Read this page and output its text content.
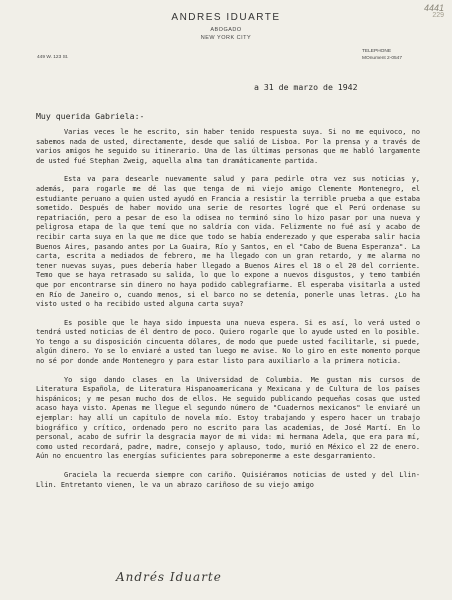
ANDRES IDUARTE
ABOGADO
NEW YORK CITY
449 W. 123 St.
TELEPHONE
MOnument 2-0547
4441
229
a 31 de marzo de 1942
Muy querida Gabriela:-

Varias veces le he escrito, sin haber tenido respuesta suya. Si no me equivoco, no sabemos nada de usted, directamente, desde que salió de Lisboa. Por la prensa y a través de varios amigos he seguido su itinerario. Una de las últimas personas que me habló largamente de usted fué Stephan Zweig, aquella alma tan dramáticamente partida.

Esta va para desearle nuevamente salud y para pedirle otra vez sus noticias y, además, para rogarle me dé las que tenga de mi viejo amigo Clemente Montenegro, el estudiante peruano a quien usted ayudó en Francia a resistir la terrible prueba a que estaba sometido. Después de haber movido una serie de resortes logré que el Perú ordenase su repatriación, pero a pesar de eso la odisea no terminó sino lo hizo pasar por una nueva y peligrosa etapa de la que temí que no saldría con vida. Felizmente no fué así y acabo de recibir carta suya en la que me dice que todo se había enderezado y que esperaba salir hacia Buenos Aires, pasando antes por La Guaira, Río y Santos, en el "Cabo de Buena Esperanza". La carta, escrita a mediados de febrero, me ha llegado con un gran retardo, y me alarma no tener nuevas suyas, pues debería haber llegado a Buenos Aires el 18 o el 20 del corriente. Temo que se haya retrasado su salida, lo que lo expone a nuevos disgustos, y temo también que por encontrarse sin dinero no haya podido cablegrafiarme. El esperaba visitarla a usted en Río de Janeiro o, cuando menos, si el barco no se detenía, ponerle unas letras. ¿Lo ha visto usted o ha recibido usted alguna carta suya?

Es posible que le haya sido impuesta una nueva espera. Si es así, lo verá usted o tendrá usted noticias de él dentro de poco. Quiero rogarle que lo ayude usted en lo posible. Yo tengo a su disposición cincuenta dólares, de modo que puede usted facilitarle, si puede, algún dinero. Yo se lo enviaré a usted tan luego me avise. No lo giro en este momento porque no sé por donde ande Montenegro y para estar listo para auxiliarlo a la primera noticia.

Yo sigo dando clases en la Universidad de Columbia. Me gustan mis cursos de Literatura Española, de Literatura Hispanoamericana y Mexicana y de Cultura de los países hispánicos; y me pesan mucho dos de ellos. He seguido publicando pequeñas cosas que usted acaso haya visto. Apenas me llegue el segundo número de "Cuadernos mexicanos" le enviaré un ejemplar: hay allí un capítulo de novela mío. Estoy trabajando y espero hacer un trabajo biográfico y crítico, ordenado pero no escrito para las academias, de José Martí. En lo personal, acabo de sufrir la desgracia mayor de mi vida: mi hermana Adela, que era para mí, como usted recordará, padre, madre, consejo y aplauso, todo, murió en México el 22 de enero. Aún no encuentro las energías suficientes para sobreponerme a este desgarramiento.

Graciela la recuerda siempre con cariño. Quisiéramos noticias de usted y del Llin-Llin. Entretanto vienen, le va un abrazo cariñoso de su viejo amigo

Andrés Iduarte
